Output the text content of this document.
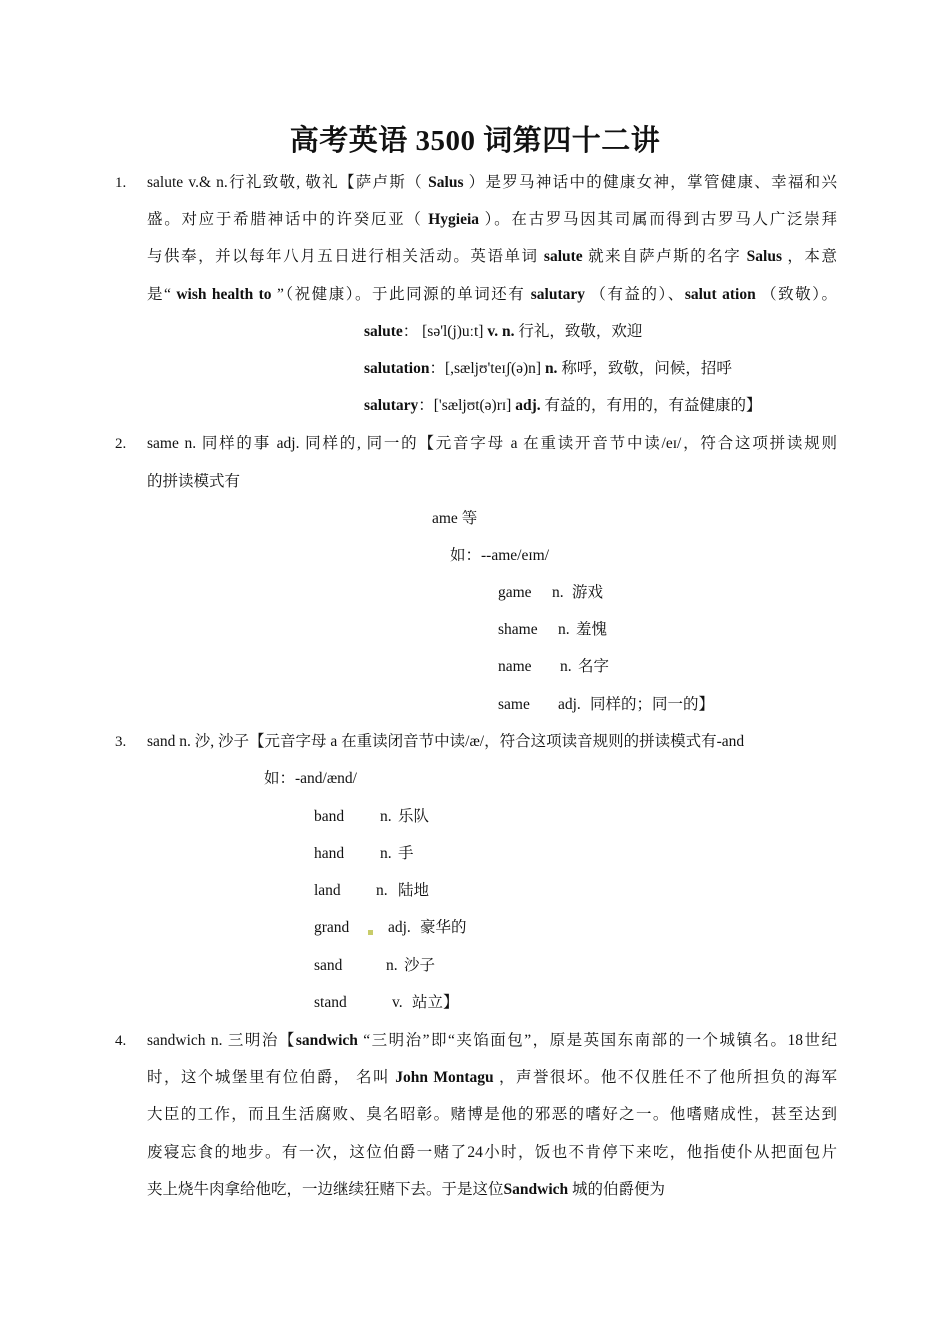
高考英语 3500 词第四十二讲
1. salute v.& n.行礼致敬, 敬礼【萨卢斯（ Salus ）是罗马神话中的健康女神，掌管健康、幸福和兴
盛。对应于希腊神话中的许癸厄亚（ Hygieia ）。在古罗马因其司属而得到古罗马人广泛崇拜
与供奉，并以每年八月五日进行相关活动。英语单词 salute 就来自萨卢斯的名字 Salus ，本意
是“ wish health to ”（祝健康）。于此同源的单词还有 salutary （有益的）、salut ation （致敬）。
salute： [sə'l(j)uːt] v. n. 行礼，致敬，欢迎
salutation：[,sæljʊ'teɪʃ(ə)n] n. 称呼，致敬，问候，招呼
salutary：['sæljʊt(ə)rɪ] adj. 有益的，有用的，有益健康的】
2. same n. 同样的事 adj. 同样的, 同一的【元音字母 a 在重读开音节中读/eɪ/，符合这项拼读规则
的拼读模式有
ame 等
如：--ame/eɪm/
game n. 游戏
shame n. 羞愧
name n. 名字
same adj. 同样的；同一的】
3. sand n. 沙, 沙子【元音字母 a 在重读闭音节中读/æ/，符合这项读音规则的拼读模式有-and
如：-and/ænd/
band n. 乐队
hand n. 手
land n. 陆地
grand adj. 豪华的
sand	n. 沙子
stand	v. 站立】
4. sandwich n. 三明治【sandwich “三明治”即“夹馅面包”，原是英国东南部的一个城镇名。18世纪
时，这个城堡里有位伯爵， 名叫 John Montagu ，声誉很坏。他不仅胜任不了他所担负的海军
大臣的工作，而且生活腐败、臭名昭彰。赌博是他的邪恶的嗜好之一。他嗜赌成性，甚至达到
废寝忘食的地步。有一次，这位伯爵一赌了24小时，饭也不肯停下来吃，他指使仆从把面包片
夹上烧牛肉拿给他吃，一边继续狂赌下去。于是这位Sandwich 城的伯爵便为
